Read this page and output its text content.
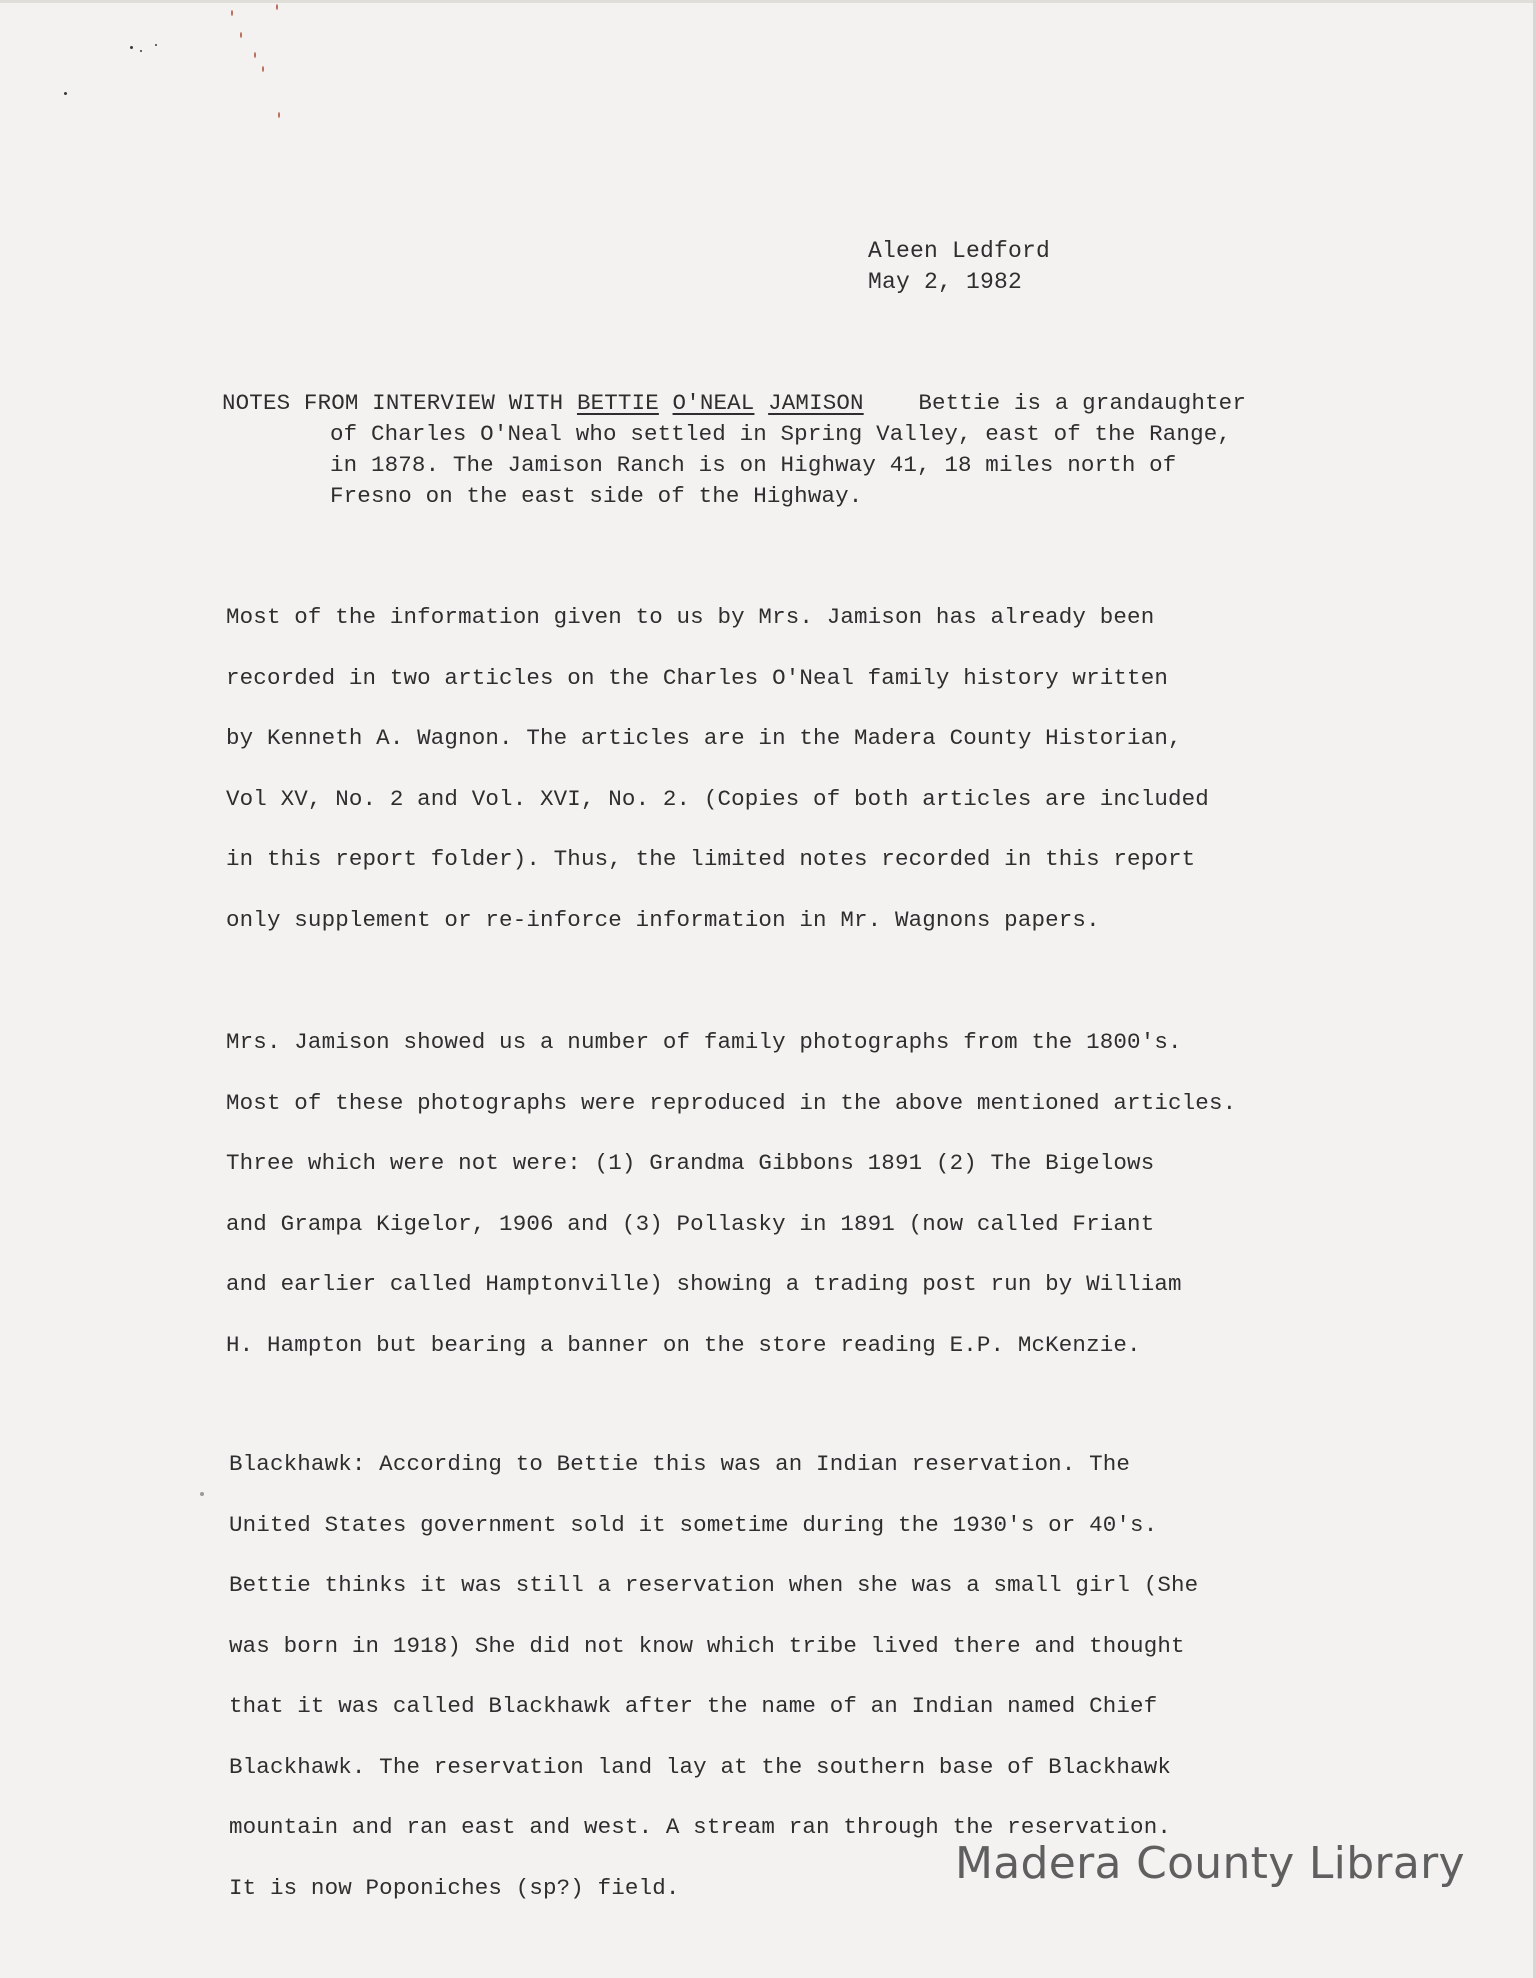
Aleen Ledford
May 2, 1982
NOTES FROM INTERVIEW WITH BETTIE O'NEAL JAMISON Bettie is a grandaughter
of Charles O'Neal who settled in Spring Valley, east of the Range,
in 1878. The Jamison Ranch is on Highway 41, 18 miles north of
Fresno on the east side of the Highway.
Most of the information given to us by Mrs. Jamison has already been
recorded in two articles on the Charles O'Neal family history written
by Kenneth A. Wagnon. The articles are in the Madera County Historian,
Vol XV, No. 2 and Vol. XVI, No. 2. (Copies of both articles are included
in this report folder). Thus, the limited notes recorded in this report
only supplement or re-inforce information in Mr. Wagnons papers.
Mrs. Jamison showed us a number of family photographs from the 1800's.
Most of these photographs were reproduced in the above mentioned articles.
Three which were not were: (1) Grandma Gibbons 1891 (2) The Bigelows
and Grampa Kigelor, 1906 and (3) Pollasky in 1891 (now called Friant
and earlier called Hamptonville) showing a trading post run by William
H. Hampton but bearing a banner on the store reading E.P. McKenzie.
Blackhawk: According to Bettie this was an Indian reservation. The
United States government sold it sometime during the 1930's or 40's.
Bettie thinks it was still a reservation when she was a small girl (She
was born in 1918) She did not know which tribe lived there and thought
that it was called Blackhawk after the name of an Indian named Chief
Blackhawk. The reservation land lay at the southern base of Blackhawk
mountain and ran east and west. A stream ran through the reservation.
It is now Poponiches (sp?) field.	Madera County Library
